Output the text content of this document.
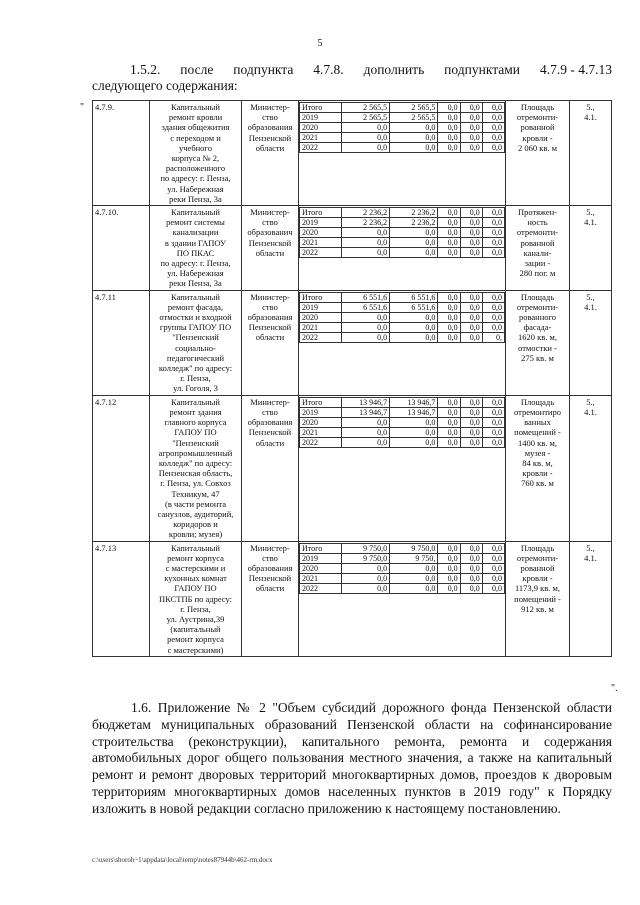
5
1.5.2. после подпункта 4.7.8. дополнить подпунктами 4.7.9 - 4.7.13
следующего содержания:
" 4.7.9.	Капитальный
ремонт кровли
здания общежития
с переходом и
учебного
корпуса № 2,
расположенного
по адресу: г. Пенза,
ул. Набережная
реки Пенза, 3а

Министер-
ство
образования
Пензенской
области

Итого	2 565,5	2 565,5	0,0	0,0	0,0
2019	2 565,5	2 565,5	0,0	0,0	0,0
2020	0,0	0,0	0,0	0,0	0,0
2021	0,0	0,0	0,0	0,0	0,0
2022	0,0	0,0	0,0	0,0	0,0

Площадь
отремонти-
рованной
кровли -
2 060 кв. м

5.,
4.1.

4.7.10.	Капитальный
ремонт системы
канализации
в здании ГАПОУ
ПО ПКАС
по адресу: г. Пенза,
ул. Набережная
реки Пенза, 3а

Министер-
ство
образованич
Пензенской
области

Итого	2 236,2	2 236,2	0,0	0,0	0,0
2019	2 236,2	2 236,2	0,0	0,0	0,0
2020	0,0	0,0	0,0	0,0	0,0
2021	0,0	0,0	0,0	0,0	0,0
2022	0,0	0,0	0,0	0,0	0,0

Протяжен-
ность
отремонти-
рованной
канали-
зации -
280 пог. м

5.,
4.1.

4.7.11	Капитальный
ремонт фасада,
отмостки и входной
группы ГАПОУ ПО
"Пензенский
социально-
педагогический
колледж" по адресу:
г. Пенза,
ул. Гоголя, 3

Министер-
ство
образования
Пензенской
области

Итого	6 551,6	6 551,6	0,0	0,0	0,0
2019	6 551,6	6 551,6	0,0	0,0	0,0
2020	0,0	0,0	0,0	0,0	0,0
2021	0,0	0,0	0,0	0,0	0,0
2022	0,0	0,0	0,0	0,0	0,

Площадь
отремонти-
рованного
фасада-
1620 кв. м,
отмостки -
275 кв. м

5.,
4.1.

4.7.12	Капитальный
ремонт здания
главного корпуса
ГАПОУ ПО
"Пензенский
агропромышленный
колледж" по адресу:
Пензенская область,
г. Пенза, ул. Совхоз
Техникум, 47
(в части ремонта
санузлов, аудиторий,
коридоров и
кровли; музея)

Министер-
ство
образования
Пензенской
области

Итого	13 946,7	13 946,7	0,0	0,0	0,0
2019	13 946,7	13 946,7	0,0	0,0	0,0
2020	0,0	0,0	0,0	0,0	0,0
2021	0,0	0,0	0,0	0,0	0,0
2022	0,0	0,0	0,0	0,0	0,0

Площадь
отремонтиро
ванных
помещений -
1400 кв. м,
музея -
84 кв. м,
кровли -
760 кв. м

5.,
4.1.

4.7.13	Капитальный
ремонт корпуса
с мастерскими и
кухонных комнат
ГАПОУ ПО
ПКСТПБ по адресу:
г. Пенза,
ул. Аустрина,39
(капитальный
ремонт корпуса
с мастерскими)

Министер-
ство
образования
Пензенской
области

Итого	9 750,0	9 750,0	0,0	0,0	0,0
2019	9 750,0	9 750,	0,0	0,0	0,0
2020	0,0	0,0	0,0	0,0	0,0
2021	0,0	0,0	0,0	0,0	0,0
2022	0,0	0,0	0,0	0,0	0,0

Площадь
отремонти-
рованной
кровли -
1173,9 кв. м,
помещений -
912 кв. м

5.,
4.1.
".

1.6. Приложение № 2 "Объем субсидий дорожного фонда Пензенской области бюджетам муниципальных образований Пензенской области на софинансирование строительства (реконструкции), капитального ремонта, ремонта и содержания автомобильных дорог общего пользования местного значения, а также на капитальный ремонт и ремонт дворовых территорий многоквартирных домов, проездов к дворовым территориям многоквартирных домов населенных пунктов в 2019 году" к Порядку изложить в новой редакции согласно приложению к настоящему постановлению.

c:\users\shoroh~1\appdata\local\temp\notes87944b\462-rm.docx
